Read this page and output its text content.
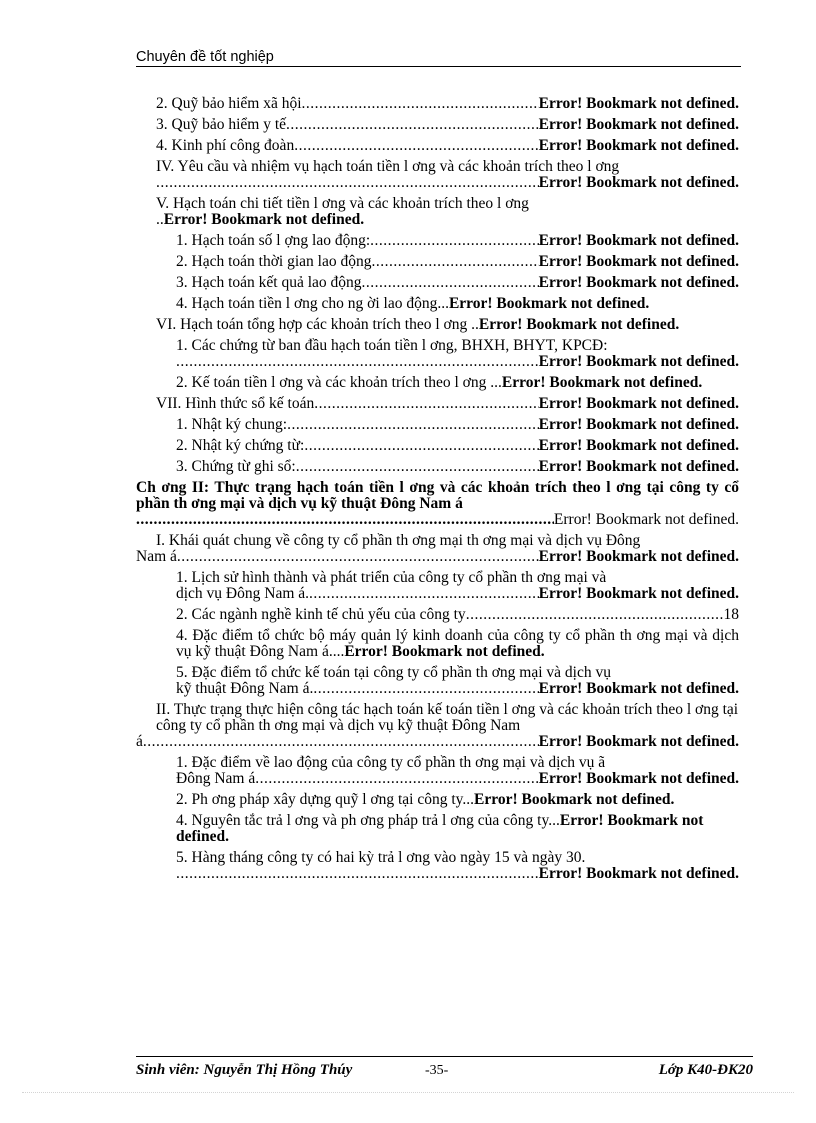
Chuyên đề tốt nghiệp
2. Quỹ bảo hiểm xã hội .....	Error! Bookmark not defined.
3. Quỹ bảo hiểm y tế .....	Error! Bookmark not defined.
4. Kinh phí công đoàn .....	Error! Bookmark not defined.
IV. Yêu cầu và nhiệm vụ hạch toán tiền l ơng và các khoản trích theo l ơng
.....
Error! Bookmark not defined.
V. Hạch toán chi tiết tiền l ơng và các khoản trích theo l ơng ..Error! Bookmark not defined.
1. Hạch toán số l ợng lao động: .....	Error! Bookmark not defined.
2. Hạch toán thời gian lao động .....	Error! Bookmark not defined.
3. Hạch toán kết quả lao động .....	Error! Bookmark not defined.
4. Hạch toán tiền l ơng cho ng ời lao động...Error! Bookmark not defined.
VI. Hạch toán tổng hợp các khoản trích theo l ơng ..Error! Bookmark not defined.
1. Các chứng từ ban đầu hạch toán tiền l ơng, BHXH, BHYT, KPCĐ:
.....
Error! Bookmark not defined.
2. Kế toán tiền l ơng và các khoản trích theo l ơng ...Error! Bookmark not defined.
VII. Hình thức sổ kế toán .....	Error! Bookmark not defined.
1. Nhật ký chung: .....	Error! Bookmark not defined.
2. Nhật ký chứng từ: .....	Error! Bookmark not defined.
3. Chứng từ ghi sổ: .....	Error! Bookmark not defined.
Ch ơng II: Thực trạng hạch toán tiền l ơng và các khoản trích theo l ơng tại công ty cổ phần th ơng mại và dịch vụ kỹ thuật Đông Nam á
.....
Error! Bookmark not defined.
I. Khái quát chung về công ty cổ phần th ơng mại th ơng mại và dịch vụ Đông
Nam á .....	Error! Bookmark not defined.
1. Lịch sử hình thành và phát triển của công ty cổ phần th ơng mại và
dịch vụ Đông Nam á. .....	Error! Bookmark not defined.
2. Các ngành nghề kinh tế chủ yếu của công ty .....	18
4. Đặc điểm tổ chức bộ máy quản lý kinh doanh của công ty cổ phần th ơng mại và dịch vụ kỹ thuật Đông Nam á....Error! Bookmark not defined.
5. Đặc điểm tổ chức kế toán tại công ty cổ phần th ơng mại và dịch vụ
kỹ thuật Đông Nam á. .....	Error! Bookmark not defined.
II. Thực trạng thực hiện công tác hạch toán kế toán tiền l ơng và các khoản trích theo l ơng tại công ty cổ phần th ơng mại và dịch vụ kỹ thuật Đông Nam
á .....	Error! Bookmark not defined.
1. Đặc điểm về lao động của công ty cổ phần th ơng mại và dịch vụ ã
Đông Nam á .....	Error! Bookmark not defined.
2. Ph ơng pháp xây dựng quỹ l ơng tại công ty...Error! Bookmark not defined.
4. Nguyên tắc trả l ơng và ph ơng pháp trả l ơng của công ty...Error! Bookmark not defined.
5. Hàng tháng công ty có hai kỳ trả l ơng vào ngày 15 và ngày 30.
.....
Error! Bookmark not defined.
Sinh viên: Nguyễn Thị Hồng Thúy	-35-	Lớp K40-ĐK20
